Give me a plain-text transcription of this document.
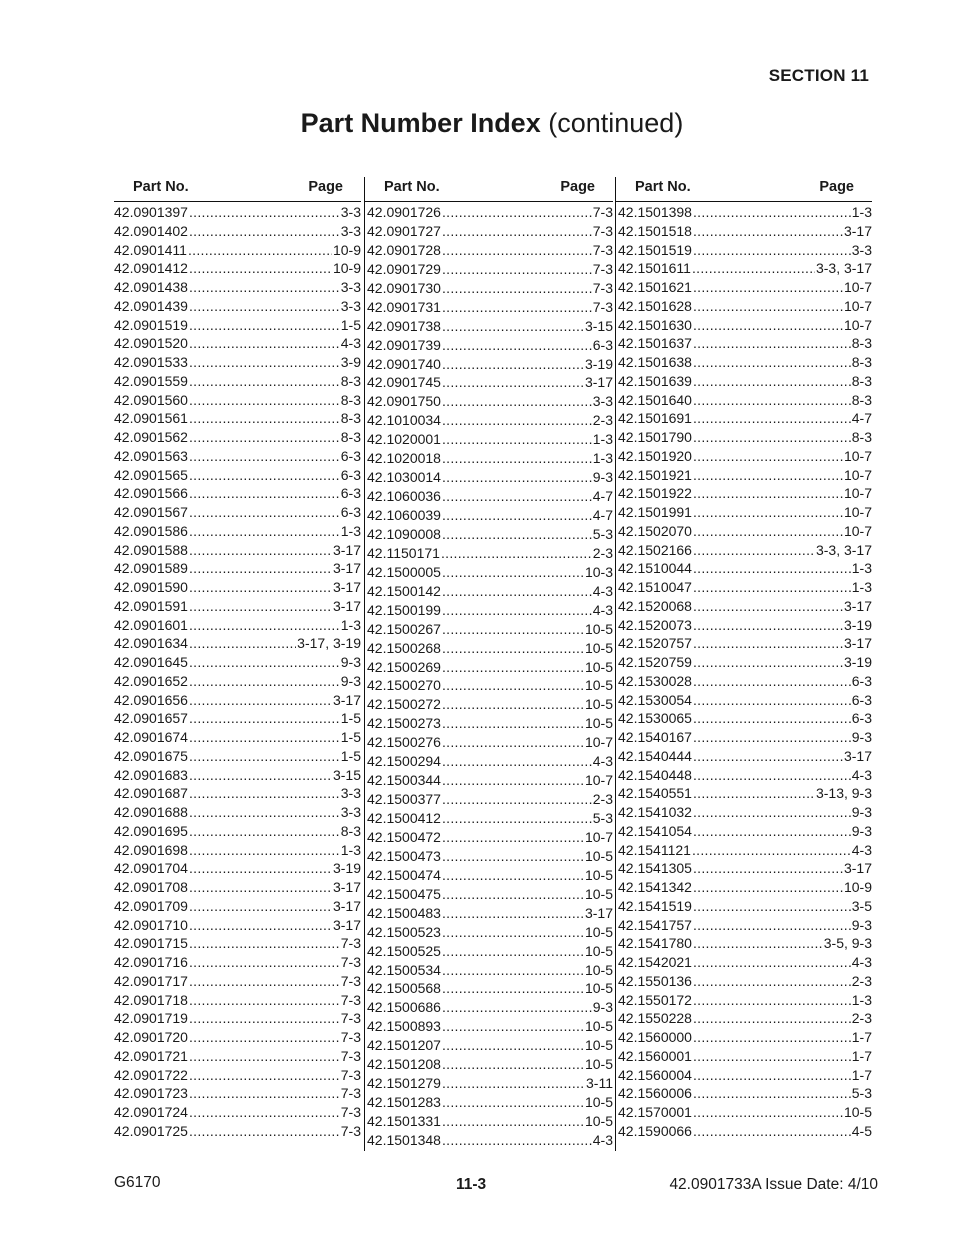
SECTION 11
Part Number Index (continued)
Part No.	Page
42.0901397 .....	3-3
42.0901402 .....	3-3
42.0901411 .....	10-9
42.0901412 .....	10-9
42.0901438 .....	3-3
42.0901439 .....	3-3
42.0901519 .....	1-5
42.0901520 .....	4-3
42.0901533 .....	3-9
42.0901559 .....	8-3
42.0901560 .....	8-3
42.0901561 .....	8-3
42.0901562 .....	8-3
42.0901563 .....	6-3
42.0901565 .....	6-3
42.0901566 .....	6-3
42.0901567 .....	6-3
42.0901586 .....	1-3
42.0901588 .....	3-17
42.0901589 .....	3-17
42.0901590 .....	3-17
42.0901591 .....	3-17
42.0901601 .....	1-3
42.0901634 .....	3-17, 3-19
42.0901645 .....	9-3
42.0901652 .....	9-3
42.0901656 .....	3-17
42.0901657 .....	1-5
42.0901674 .....	1-5
42.0901675 .....	1-5
42.0901683 .....	3-15
42.0901687 .....	3-3
42.0901688 .....	3-3
42.0901695 .....	8-3
42.0901698 .....	1-3
42.0901704 .....	3-19
42.0901708 .....	3-17
42.0901709 .....	3-17
42.0901710 .....	3-17
42.0901715 .....	7-3
42.0901716 .....	7-3
42.0901717 .....	7-3
42.0901718 .....	7-3
42.0901719 .....	7-3
42.0901720 .....	7-3
42.0901721 .....	7-3
42.0901722 .....	7-3
42.0901723 .....	7-3
42.0901724 .....	7-3
42.0901725 .....	7-3
Part No.	Page
42.0901726 .....	7-3
42.0901727 .....	7-3
42.0901728 .....	7-3
42.0901729 .....	7-3
42.0901730 .....	7-3
42.0901731 .....	7-3
42.0901738 .....	3-15
42.0901739 .....	6-3
42.0901740 .....	3-19
42.0901745 .....	3-17
42.0901750 .....	3-3
42.1010034 .....	2-3
42.1020001 .....	1-3
42.1020018 .....	1-3
42.1030014 .....	9-3
42.1060036 .....	4-7
42.1060039 .....	4-7
42.1090008 .....	5-3
42.1150171 .....	2-3
42.1500005 .....	10-3
42.1500142 .....	4-3
42.1500199 .....	4-3
42.1500267 .....	10-5
42.1500268 .....	10-5
42.1500269 .....	10-5
42.1500270 .....	10-5
42.1500272 .....	10-5
42.1500273 .....	10-5
42.1500276 .....	10-7
42.1500294 .....	4-3
42.1500344 .....	10-7
42.1500377 .....	2-3
42.1500412 .....	5-3
42.1500472 .....	10-7
42.1500473 .....	10-5
42.1500474 .....	10-5
42.1500475 .....	10-5
42.1500483 .....	3-17
42.1500523 .....	10-5
42.1500525 .....	10-5
42.1500534 .....	10-5
42.1500568 .....	10-5
42.1500686 .....	9-3
42.1500893 .....	10-5
42.1501207 .....	10-5
42.1501208 .....	10-5
42.1501279 .....	3-11
42.1501283 .....	10-5
42.1501331 .....	10-5
42.1501348 .....	4-3
Part No.	Page
42.1501398 .....	1-3
42.1501518 .....	3-17
42.1501519 .....	3-3
42.1501611 .....	3-3, 3-17
42.1501621 .....	10-7
42.1501628 .....	10-7
42.1501630 .....	10-7
42.1501637 .....	8-3
42.1501638 .....	8-3
42.1501639 .....	8-3
42.1501640 .....	8-3
42.1501691 .....	4-7
42.1501790 .....	8-3
42.1501920 .....	10-7
42.1501921 .....	10-7
42.1501922 .....	10-7
42.1501991 .....	10-7
42.1502070 .....	10-7
42.1502166 .....	3-3, 3-17
42.1510044 .....	1-3
42.1510047 .....	1-3
42.1520068 .....	3-17
42.1520073 .....	3-19
42.1520757 .....	3-17
42.1520759 .....	3-19
42.1530028 .....	6-3
42.1530054 .....	6-3
42.1530065 .....	6-3
42.1540167 .....	9-3
42.1540444 .....	3-17
42.1540448 .....	4-3
42.1540551 .....	3-13, 9-3
42.1541032 .....	9-3
42.1541054 .....	9-3
42.1541121 .....	4-3
42.1541305 .....	3-17
42.1541342 .....	10-9
42.1541519 .....	3-5
42.1541757 .....	9-3
42.1541780 .....	3-5, 9-3
42.1542021 .....	4-3
42.1550136 .....	2-3
42.1550172 .....	1-3
42.1550228 .....	2-3
42.1560000 .....	1-7
42.1560001 .....	1-7
42.1560004 .....	1-7
42.1560006 .....	5-3
42.1570001 .....	10-5
42.1590066 .....	4-5
G6170	11-3	42.0901733A Issue Date: 4/10
